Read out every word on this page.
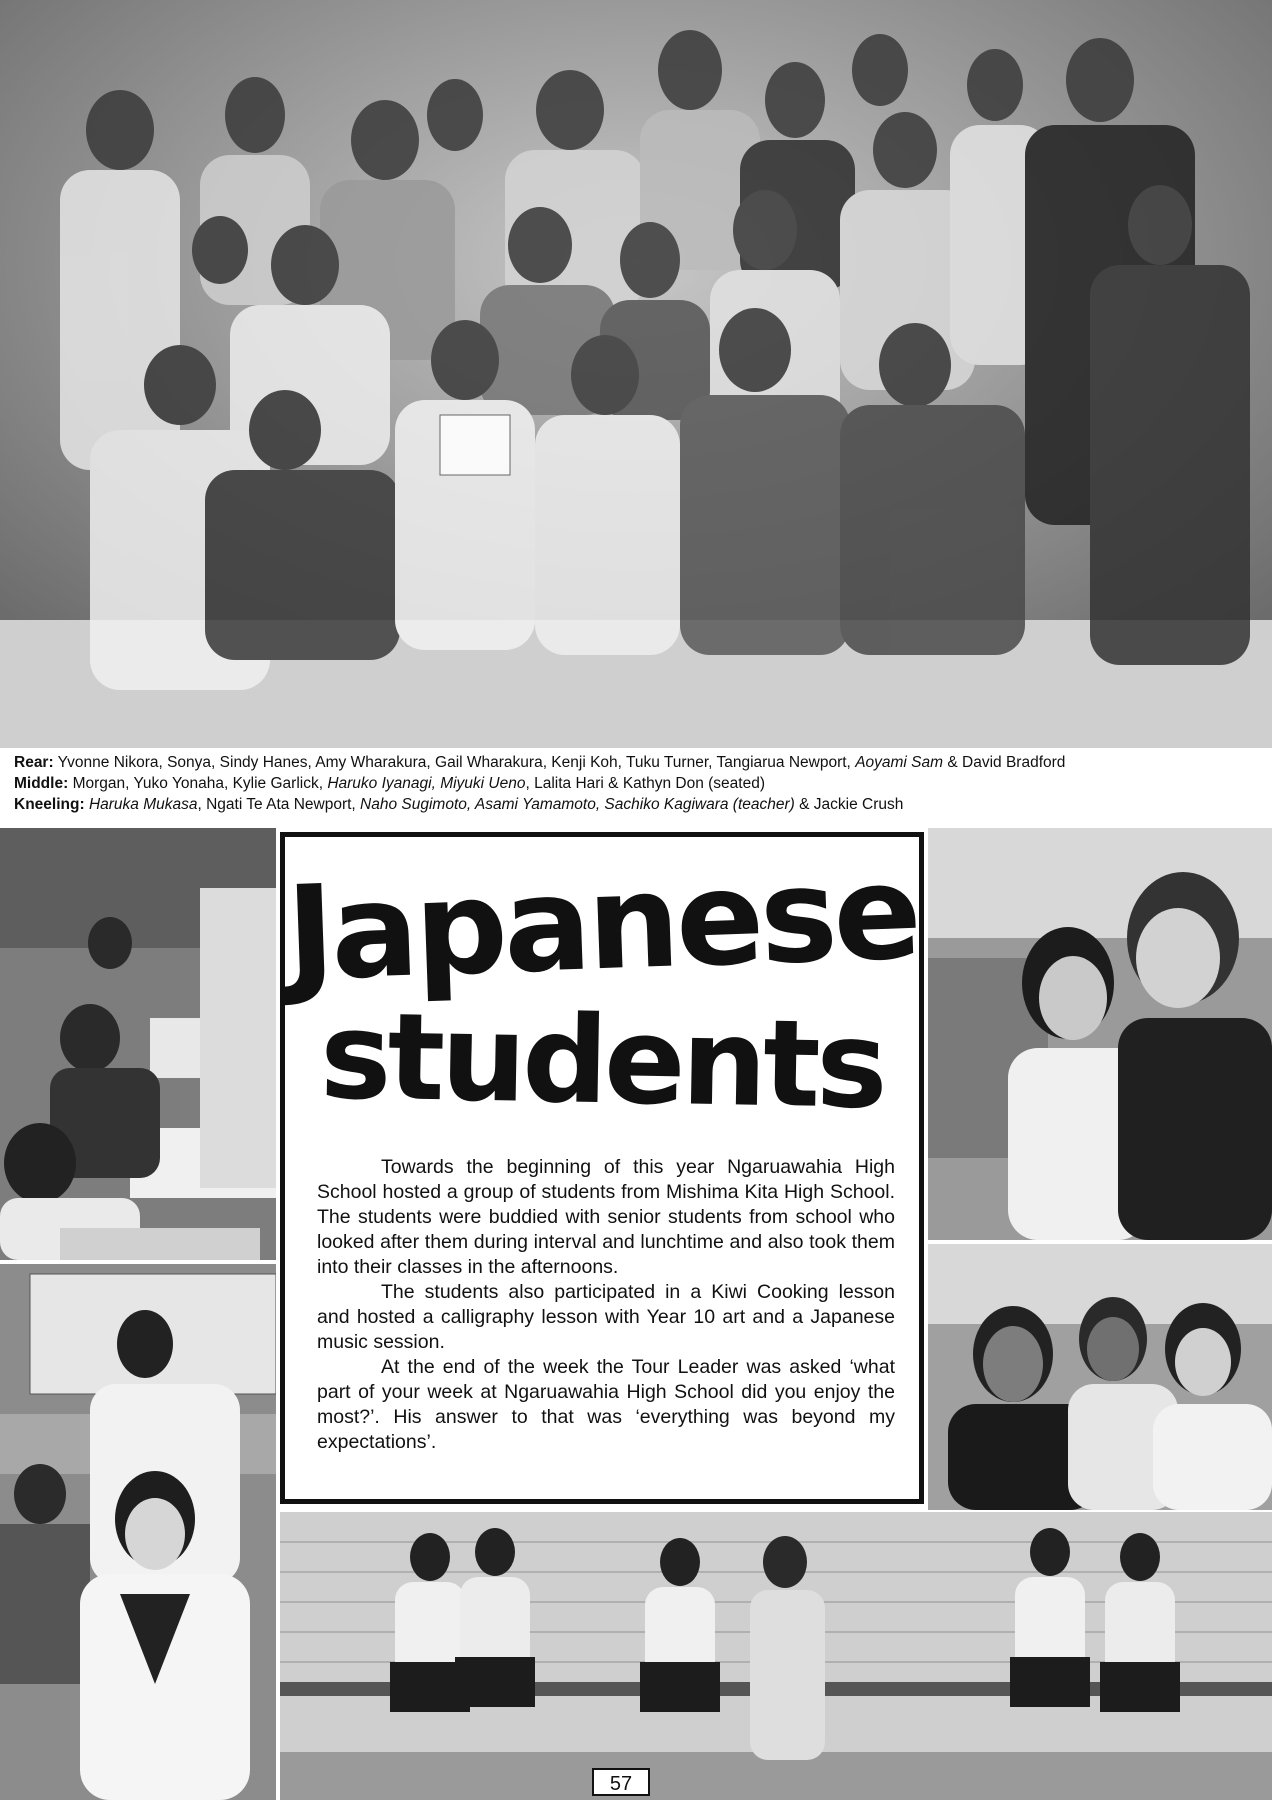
Rear: Yvonne Nikora, Sonya, Sindy Hanes, Amy Wharakura, Gail Wharakura, Kenji Koh, Tuku Turner, Tangiarua Newport, Aoyami Sam & David Bradford
Middle: Morgan, Yuko Yonaha, Kylie Garlick, Haruko Iyanagi, Miyuki Ueno, Lalita Hari & Kathyn Don (seated)
Kneeling: Haruka Mukasa, Ngati Te Ata Newport, Naho Sugimoto, Asami Yamamoto, Sachiko Kagiwara (teacher) & Jackie Crush
Japanese
students

Towards the beginning of this year Ngaruawahia High School hosted a group of students from Mishima Kita High School. The students were buddied with senior students from school who looked after them during interval and lunchtime and also took them into their classes in the afternoons.

The students also participated in a Kiwi Cooking lesson and hosted a calligraphy lesson with Year 10 art and a Japanese music session.

At the end of the week the Tour Leader was asked ‘what part of your week at Ngaruawahia High School did you enjoy the most?’. His answer to that was ‘everything was beyond my expectations’.

57
